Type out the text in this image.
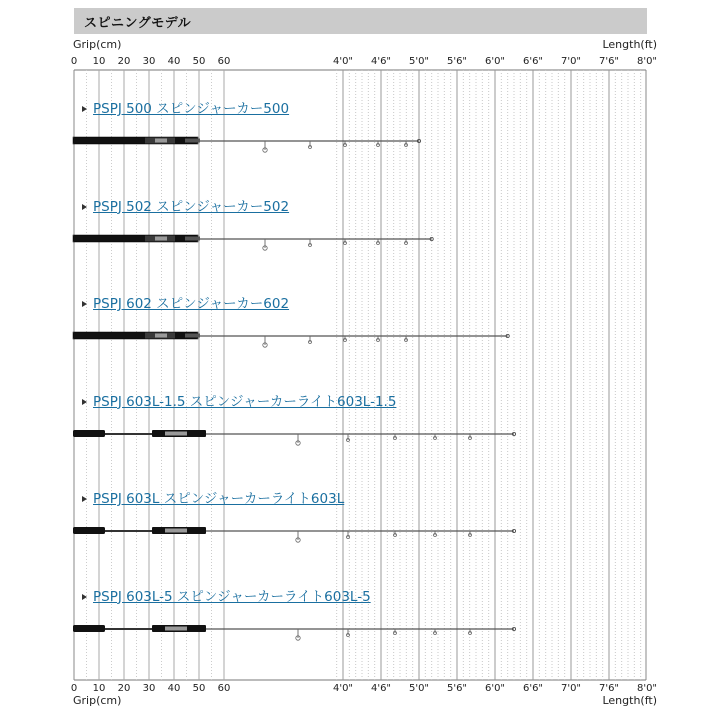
スピニングモデル
Grip(cm)	Length(ft)
Grip(cm)	Length(ft)
0
0
10
10
20
20
30
30
40
40
50
50
60
60
4'0"
4'0"
4'6"
4'6"
5'0"
5'0"
5'6"
5'6"
6'0"
6'0"
6'6"
6'6"
7'0"
7'0"
7'6"
7'6"
8'0"
8'0"
PSPJ 500 スピンジャーカー500
PSPJ 502 スピンジャーカー502
PSPJ 602 スピンジャーカー602
PSPJ 603L-1.5 スピンジャーカーライト603L-1.5
PSPJ 603L スピンジャーカーライト603L
PSPJ 603L-5 スピンジャーカーライト603L-5
